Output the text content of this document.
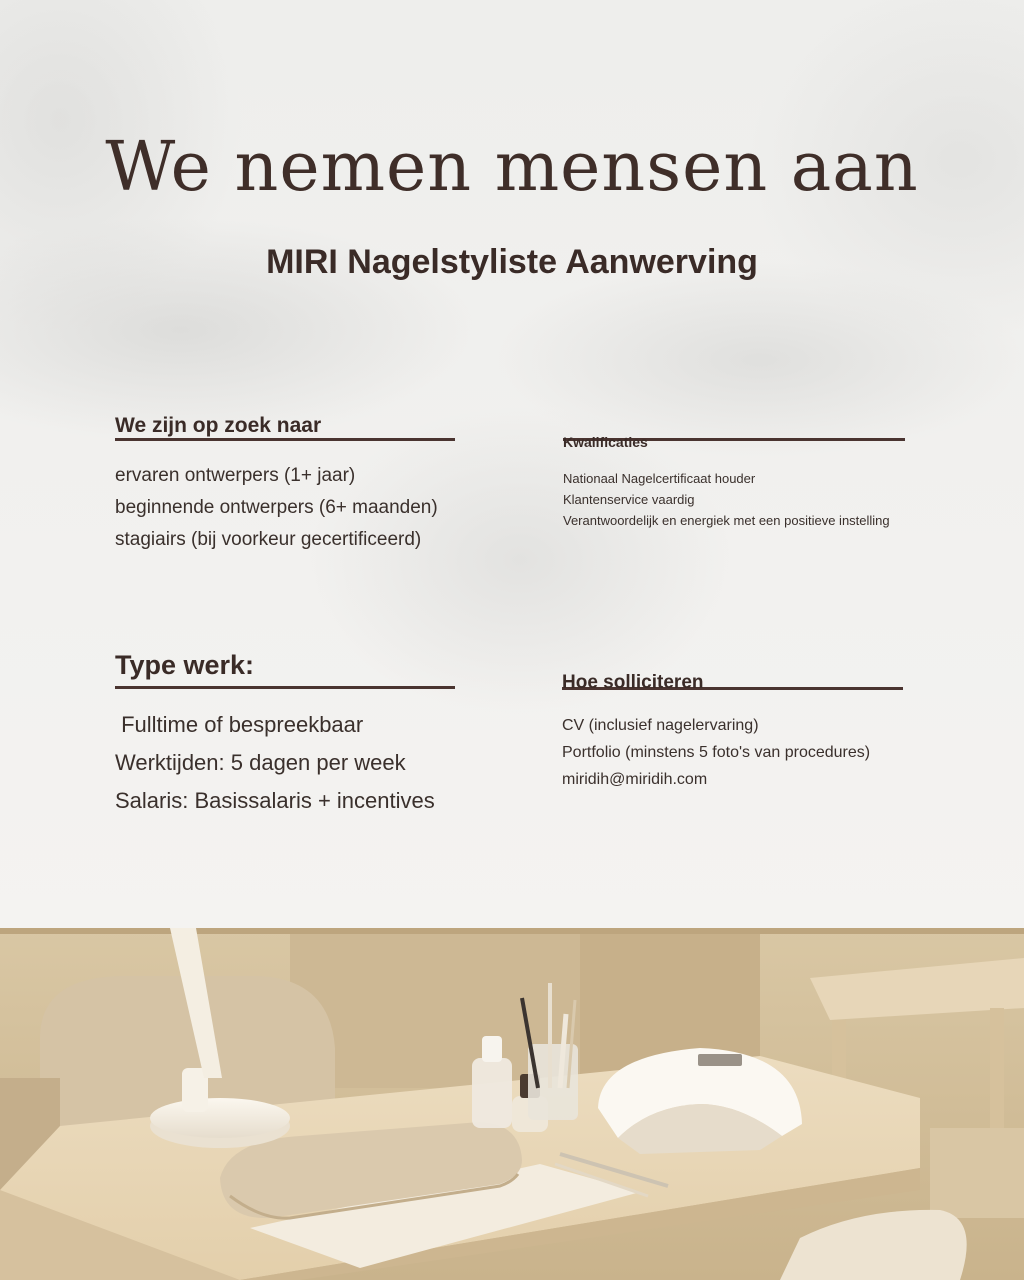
We nemen mensen aan
MIRI Nagelstyliste Aanwerving
We zijn op zoek naar
ervaren ontwerpers (1+ jaar)
beginnende ontwerpers (6+ maanden)
stagiairs (bij voorkeur gecertificeerd)
Kwalificaties
Nationaal Nagelcertificaat houder
Klantenservice vaardig
Verantwoordelijk en energiek met een positieve instelling
Type werk:
Fulltime of bespreekbaar
Werktijden: 5 dagen per week
Salaris: Basissalaris + incentives
Hoe solliciteren
CV (inclusief nagelervaring)
Portfolio (minstens 5 foto's van procedures)
miridih@miridih.com
